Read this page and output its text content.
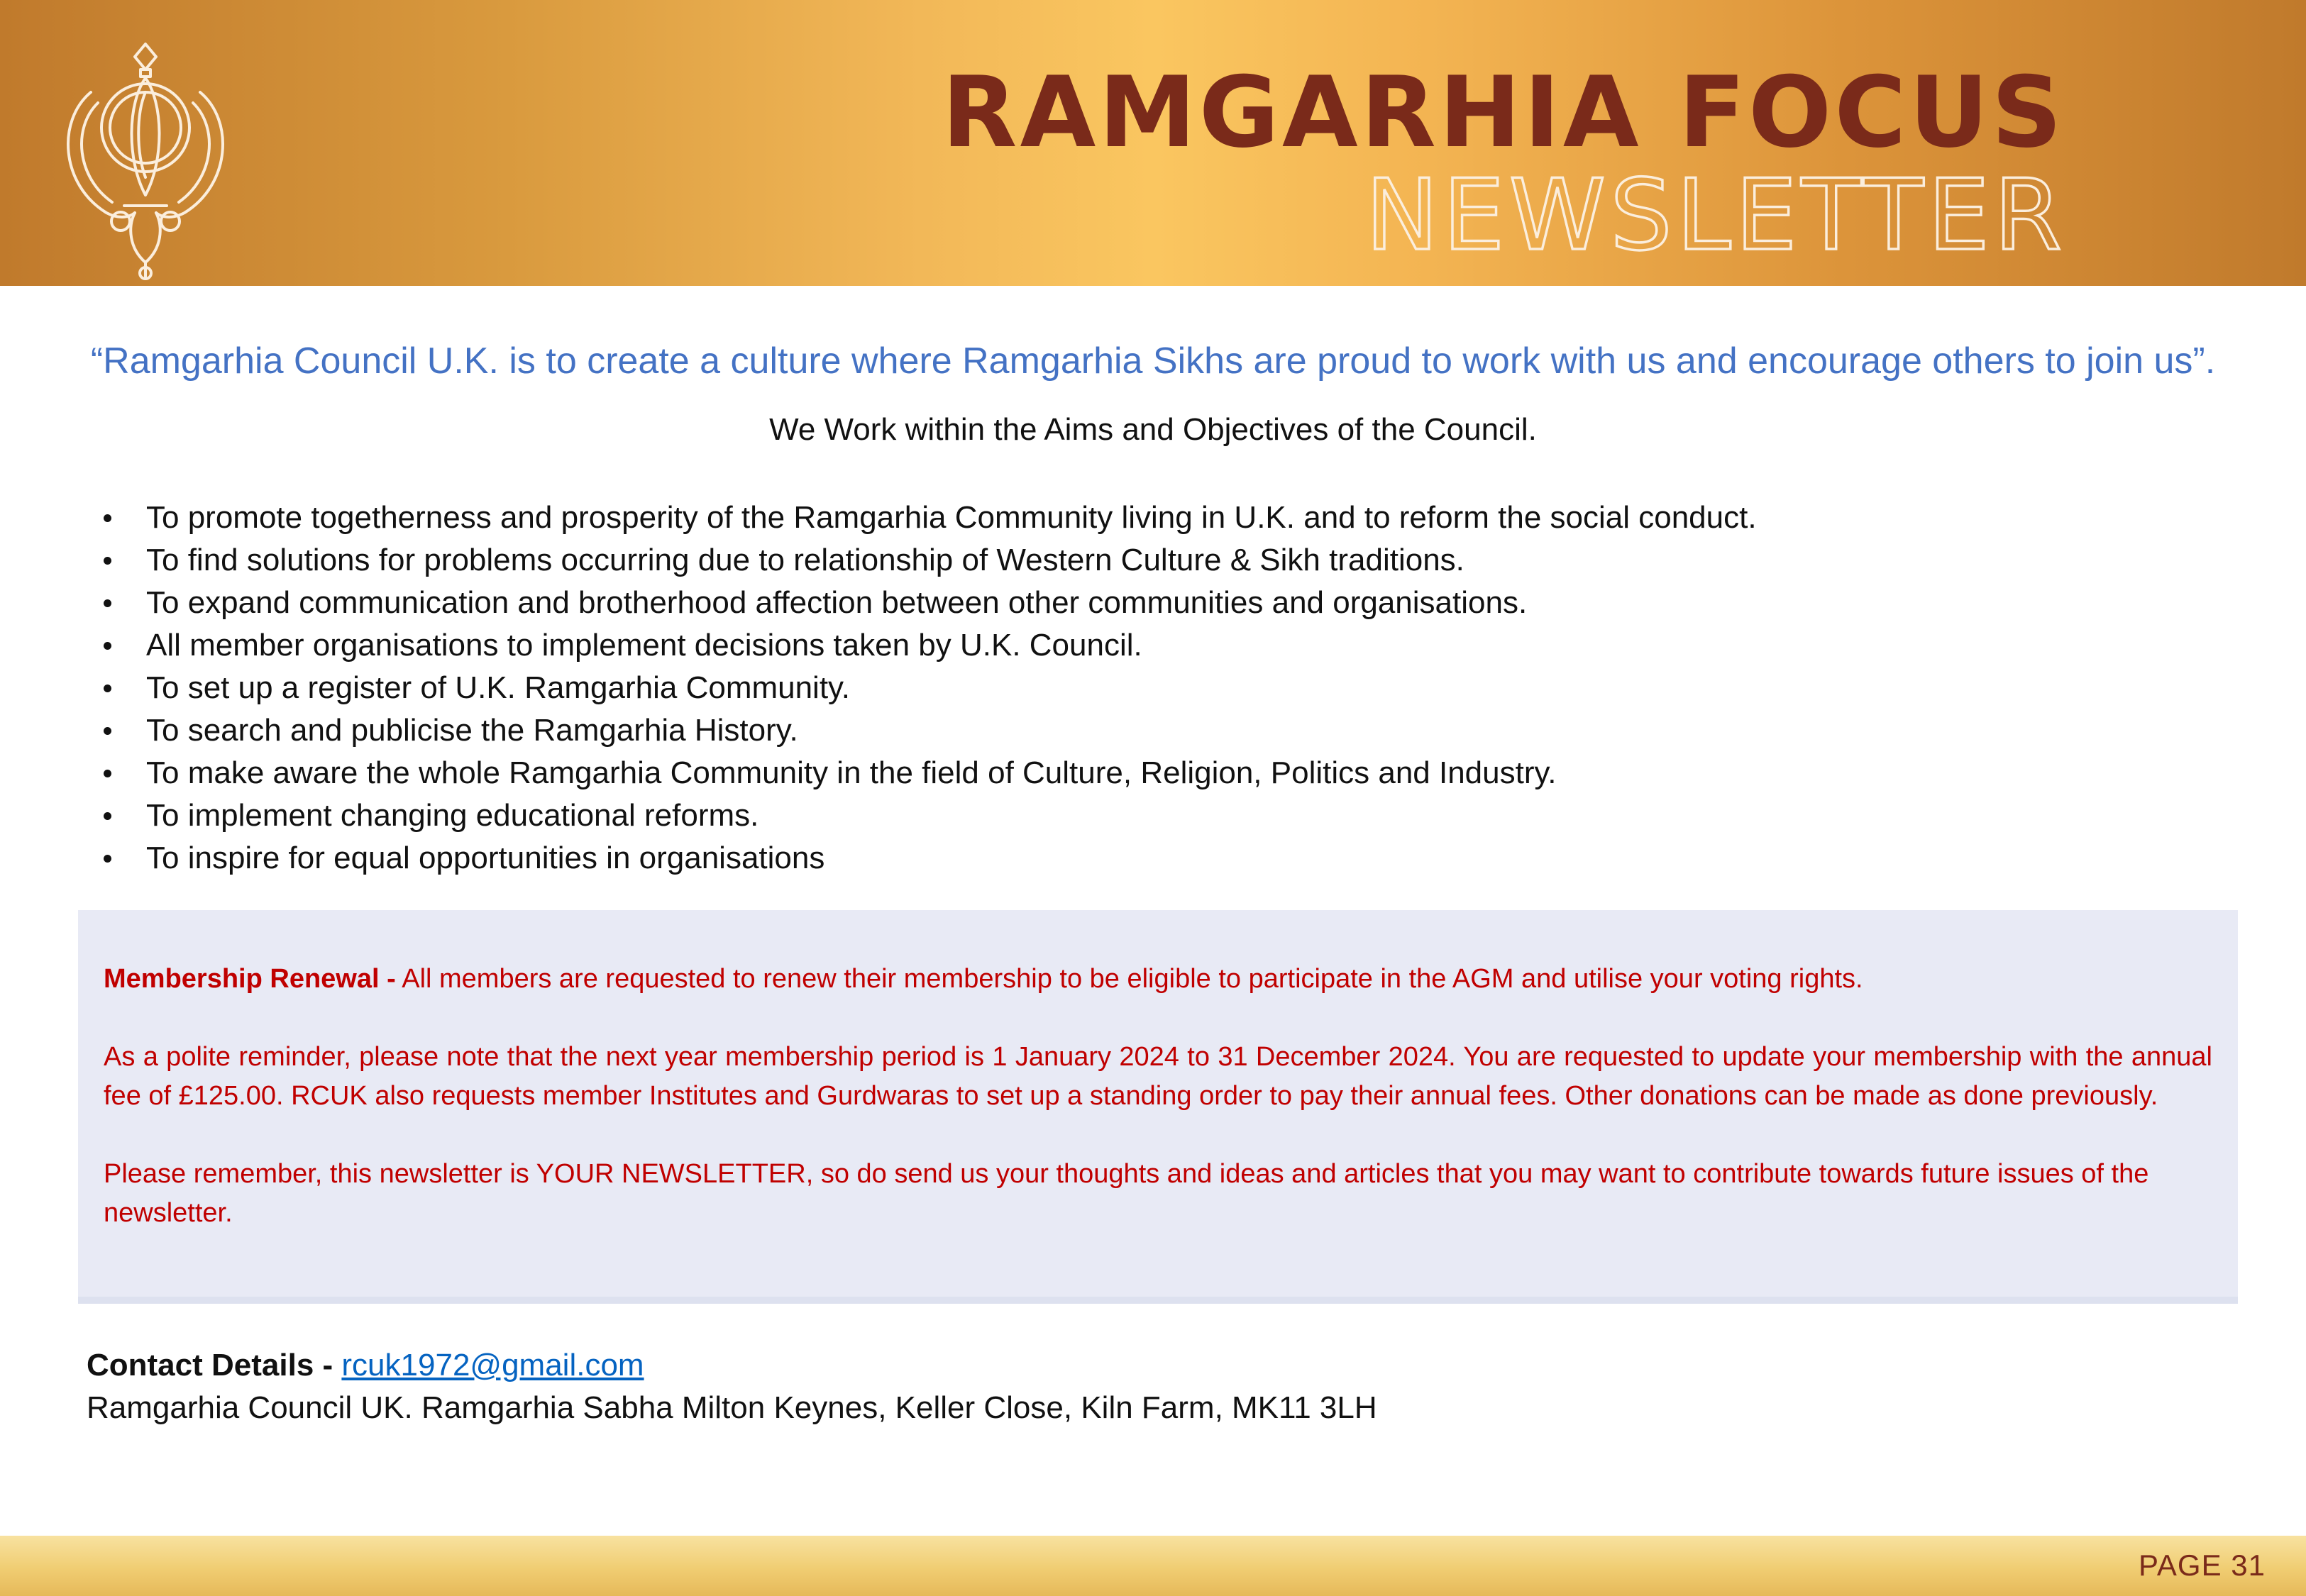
RAMGARHIA FOCUS
NEWSLETTER
“Ramgarhia Council U.K. is to create a culture where Ramgarhia Sikhs are proud to work with us and encourage others to join us”.
We Work within the Aims and Objectives of the Council.
To promote togetherness and prosperity of the Ramgarhia Community living in U.K. and to reform the social conduct.
To find solutions for problems occurring due to relationship of Western Culture & Sikh traditions.
To expand communication and brotherhood affection between other communities and organisations.
All member organisations to implement decisions taken by U.K. Council.
To set up a register of U.K. Ramgarhia Community.
To search and publicise the Ramgarhia History.
To make aware the whole Ramgarhia Community in the field of Culture, Religion, Politics and Industry.
To implement changing educational reforms.
To inspire for equal opportunities in organisations

Membership Renewal - All members are requested to renew their membership to be eligible to participate in the AGM and utilise your voting rights.

As a polite reminder, please note that the next year membership period is 1 January 2024 to 31 December 2024. You are requested to update your membership with the annual fee of £125.00. RCUK also requests member Institutes and Gurdwaras to set up a standing order to pay their annual fees. Other donations can be made as done previously.

Please remember, this newsletter is YOUR NEWSLETTER, so do send us your thoughts and ideas and articles that you may want to contribute towards future issues of the newsletter.

Contact Details - rcuk1972@gmail.com
Ramgarhia Council UK. Ramgarhia Sabha Milton Keynes, Keller Close, Kiln Farm, MK11 3LH
PAGE 31
